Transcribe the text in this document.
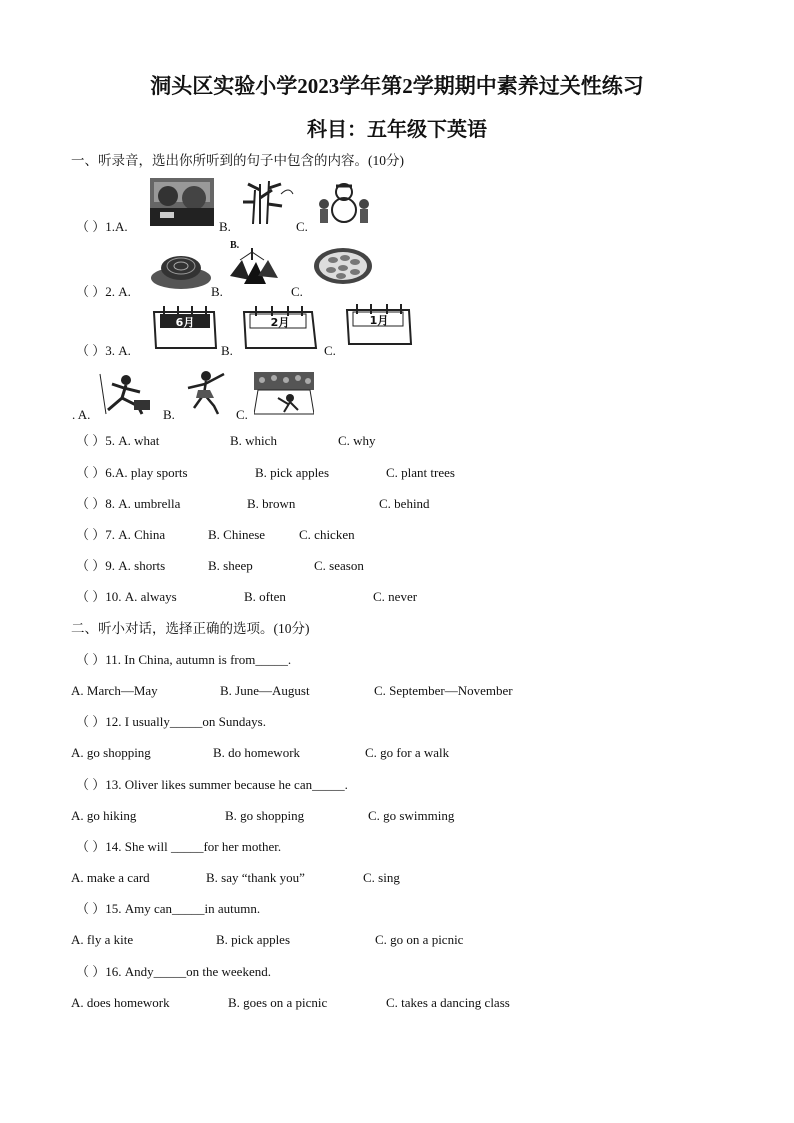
洞头区实验小学2023学年第2学期期中素养过关性练习
科目：五年级下英语
一、听录音，选出你所听到的句子中包含的内容。(10分)
（ ）1.A.	B.	C.
（ ）2. A.
B.
B.	C.
（ ）3. A.
6月
B.
2月
C.
1月
. A.	B.	C.
（ ）5. A. what	B. which	C. why
（ ）6.A. play sports	B. pick apples	C. plant trees
（ ）8. A. umbrella	B. brown	C. behind
（ ）7. A. China	B. Chinese	C. chicken
（ ）9. A. shorts	B. sheep	C. season
（ ）10. A. always	B. often	C. never
二、听小对话，选择正确的选项。(10分)
（ ）11. In China, autumn is from_____.
A. March—May	B. June—August	C. September—November
（ ）12. I usually_____on Sundays.
A. go shopping	B. do homework	C. go for a walk
（ ）13. Oliver likes summer because he can_____.
A. go hiking	B. go shopping	C. go swimming
（ ）14. She will _____for her mother.
A. make a card	B. say “thank you”	C. sing
（ ）15. Amy can_____in autumn.
A. fly a kite	B. pick apples	C. go on a picnic
（ ）16. Andy_____on the weekend.
A. does homework	B. goes on a picnic	C. takes a dancing class
